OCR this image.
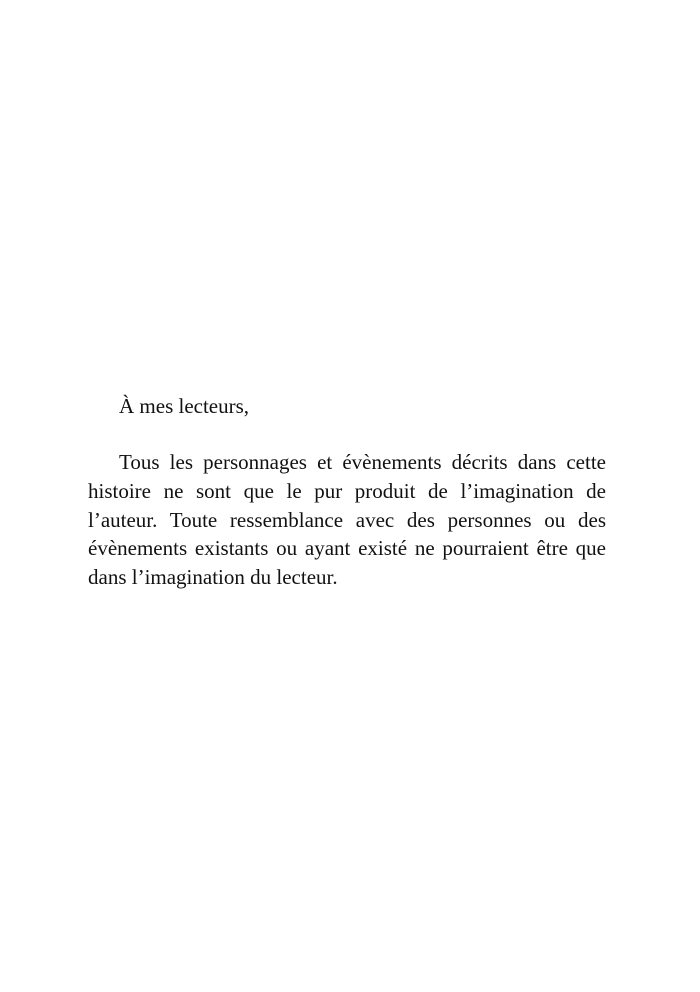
À mes lecteurs,

Tous les personnages et évènements décrits dans cette
histoire ne sont que le pur produit de l’imagination de
l’auteur. Toute ressemblance avec des personnes ou des
évènements existants ou ayant existé ne pourraient être que
dans l’imagination du lecteur.
